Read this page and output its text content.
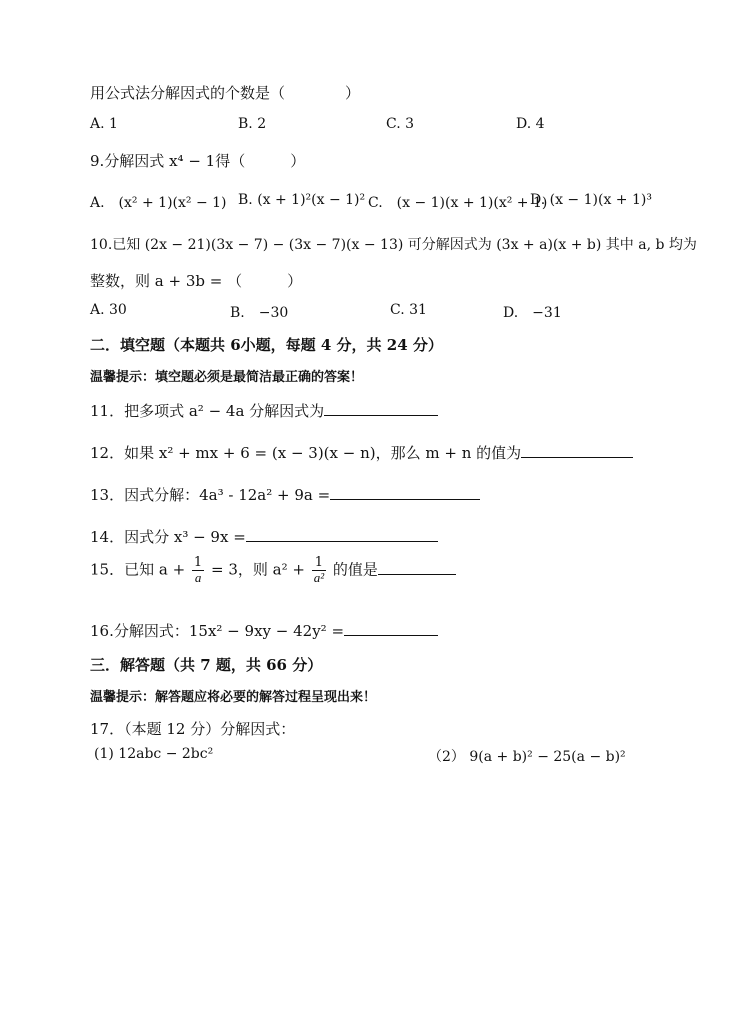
用公式法分解因式的个数是（　　　　）
A. 1	B. 2	C. 3	D. 4
9.分解因式 x⁴ − 1得（　　　）
A.　(x² + 1)(x² − 1) B. (x + 1)²(x − 1)² C.　(x − 1)(x + 1)(x² + 1)
D. (x − 1)(x + 1)³
10.已知 (2x − 21)(3x − 7) − (3x − 7)(x − 13) 可分解因式为 (3x + a)(x + b) 其中 a, b 均为
整数，则 a + 3b = （　　　）
A. 30	B.　−30	C. 31	D.　−31
二．填空题（本题共 6小题，每题 4 分，共 24 分）
温馨提示：填空题必须是最简洁最正确的答案！
11．把多项式 a² − 4a 分解因式为
12．如果 x² + mx + 6 = (x − 3)(x − n)，那么 m + n 的值为
13．因式分解：4a³ - 12a² + 9a =
14．因式分 x³ − 9x =
15．已知 $a + \frac{1}{a} = 3$，则 $a^2 + \frac{1}{\text{a²}}$ 的值是
16.分解因式：15x² − 9xy − 42y² =
三．解答题（共 7 题，共 66 分）
温馨提示：解答题应将必要的解答过程呈现出来！
17．（本题 12 分）分解因式：
(1) 12abc − 2bc²	（2） 9(a + b)² − 25(a − b)²
